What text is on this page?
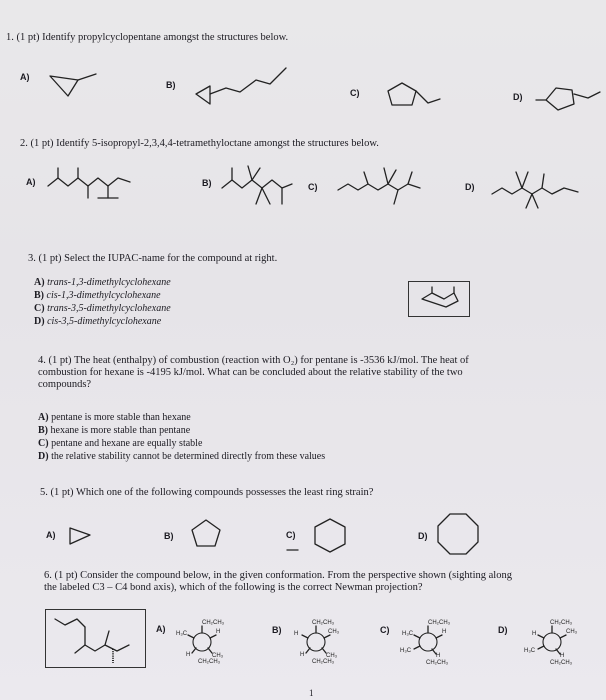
1. (1 pt) Identify propylcyclopentane amongst the structures below.
A)
B)
C)	D)
2. (1 pt) Identify 5-isopropyl-2,3,4,4-tetramethyloctane amongst the structures below.
A)	B)	C)	D)
3. (1 pt) Select the IUPAC-name for the compound at right.
A) trans-1,3-dimethylcyclohexane
B) cis-1,3-dimethylcyclohexane
C) trans-3,5-dimethylcyclohexane
D) cis-3,5-dimethylcyclohexane
4. (1 pt) The heat (enthalpy) of combustion (reaction with O₂) for pentane is -3536 kJ/mol. The heat of
combustion for hexane is -4195 kJ/mol. What can be concluded about the relative stability of the two
compounds?
A) pentane is more stable than hexane
B) hexane is more stable than pentane
C) pentane and hexane are equally stable
D) the relative stability cannot be determined directly from these values
5. (1 pt) Which one of the following compounds possesses the least ring strain?
A)	B)	C)	D)
6. (1 pt) Consider the compound below, in the given conformation. From the perspective shown (sighting along
the labeled C3 – C4 bond axis), which of the following is the correct Newman projection?
A)	B)	C)	D)
CH₂CH₃
H₃C	H
H	CH₃
CH₂CH₃
CH₂CH₃
H	CH₃
H	CH₃
CH₂CH₃
CH₂CH₃
H₃C	H
H₃C
H
CH₂CH₃
CH₂CH₃
H	CH₃
H₃C
H
CH₂CH₃
1
